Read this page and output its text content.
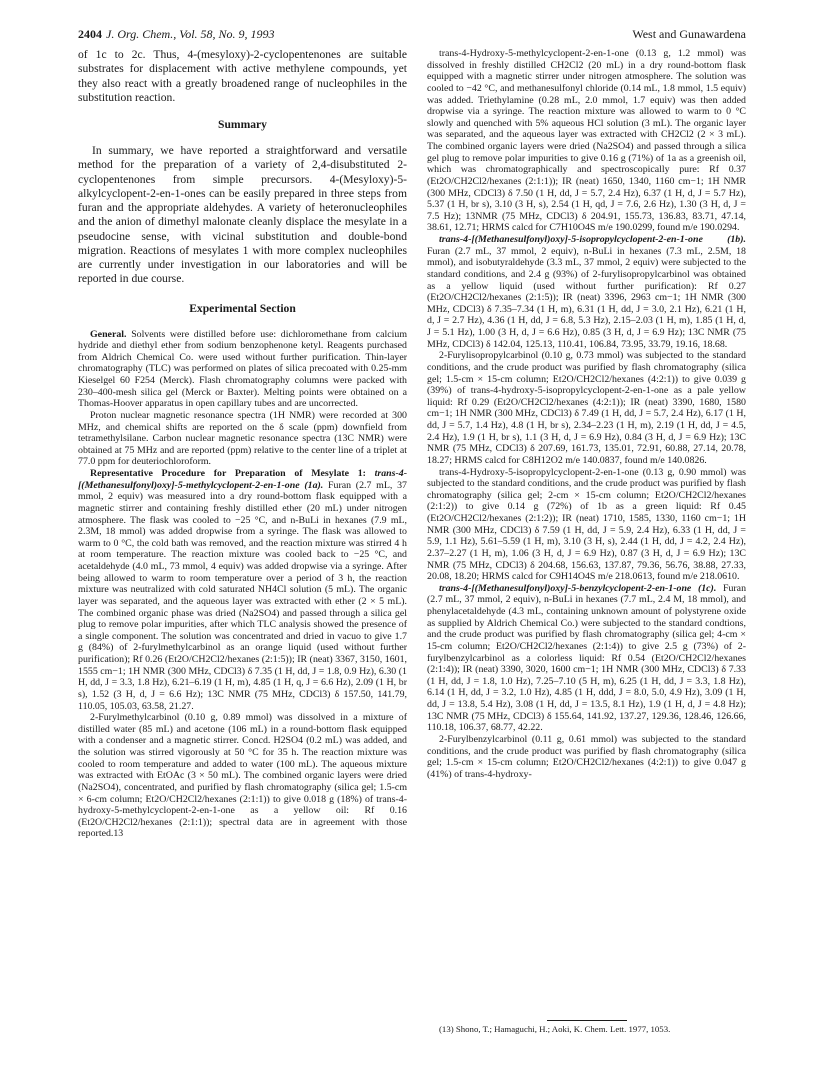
2404 J. Org. Chem., Vol. 58, No. 9, 1993	West and Gunawardena

of 1c to 2c. Thus, 4-(mesyloxy)-2-cyclopentenones are suitable substrates for displacement with active methylene compounds, yet they also react with a greatly broadened range of nucleophiles in the substitution reaction.

Summary

In summary, we have reported a straightforward and versatile method for the preparation of a variety of 2,4-disubstituted 2-cyclopentenones from simple precursors. 4-(Mesyloxy)-5-alkylcyclopent-2-en-1-ones can be easily prepared in three steps from furan and the appropriate aldehydes. A variety of heteronucleophiles and the anion of dimethyl malonate cleanly displace the mesylate in a pseudocine sense, with vicinal substitution and double-bond migration. Reactions of mesylates 1 with more complex nucleophiles are currently under investigation in our laboratories and will be reported in due course.

Experimental Section

General. Solvents were distilled before use: dichloromethane from calcium hydride and diethyl ether from sodium benzophenone ketyl. Reagents purchased from Aldrich Chemical Co. were used without further purification. Thin-layer chromatography (TLC) was performed on plates of silica precoated with 0.25-mm Kieselgel 60 F254 (Merck). Flash chromatography columns were packed with 230–400-mesh silica gel (Merck or Baxter). Melting points were obtained on a Thomas-Hoover apparatus in open capillary tubes and are uncorrected.

Proton nuclear magnetic resonance spectra (1H NMR) were recorded at 300 MHz, and chemical shifts are reported on the δ scale (ppm) downfield from tetramethylsilane. Carbon nuclear magnetic resonance spectra (13C NMR) were obtained at 75 MHz and are reported (ppm) relative to the center line of a triplet at 77.0 ppm for deuteriochloroform.

Representative Procedure for Preparation of Mesylate 1: trans-4-[(Methanesulfonyl)oxy]-5-methylcyclopent-2-en-1-one (1a). Furan (2.7 mL, 37 mmol, 2 equiv) was measured into a dry round-bottom flask equipped with a magnetic stirrer and containing freshly distilled ether (20 mL) under nitrogen atmosphere. The flask was cooled to −25 °C, and n-BuLi in hexanes (7.9 mL, 2.3M, 18 mmol) was added dropwise from a syringe. The flask was allowed to warm to 0 °C, the cold bath was removed, and the reaction mixture was stirred 4 h at room temperature. The reaction mixture was cooled back to −25 °C, and acetaldehyde (4.0 mL, 73 mmol, 4 equiv) was added dropwise via a syringe. After being allowed to warm to room temperature over a period of 3 h, the reaction mixture was neutralized with cold saturated NH4Cl solution (5 mL). The organic layer was separated, and the aqueous layer was extracted with ether (2 × 5 mL). The combined organic phase was dried (Na2SO4) and passed through a silica gel plug to remove polar impurities, after which TLC analysis showed the presence of a single component. The solution was concentrated and dried in vacuo to give 1.7 g (84%) of 2-furylmethylcarbinol as an orange liquid (used without further purification); Rf 0.26 (Et2O/CH2Cl2/hexanes (2:1:5)); IR (neat) 3367, 3150, 1601, 1555 cm−1; 1H NMR (300 MHz, CDCl3) δ 7.35 (1 H, dd, J = 1.8, 0.9 Hz), 6.30 (1 H, dd, J = 3.3, 1.8 Hz), 6.21–6.19 (1 H, m), 4.85 (1 H, q, J = 6.6 Hz), 2.09 (1 H, br s), 1.52 (3 H, d, J = 6.6 Hz); 13C NMR (75 MHz, CDCl3) δ 157.50, 141.79, 110.05, 105.03, 63.58, 21.27.

2-Furylmethylcarbinol (0.10 g, 0.89 mmol) was dissolved in a mixture of distilled water (85 mL) and acetone (106 mL) in a round-bottom flask equipped with a condenser and a magnetic stirrer. Concd. H2SO4 (0.2 mL) was added, and the solution was stirred vigorously at 50 °C for 35 h. The reaction mixture was cooled to room temperature and added to water (100 mL). The aqueous mixture was extracted with EtOAc (3 × 50 mL). The combined organic layers were dried (Na2SO4), concentrated, and purified by flash chromatography (silica gel; 1.5-cm × 6-cm column; Et2O/CH2Cl2/hexanes (2:1:1)) to give 0.018 g (18%) of trans-4-hydroxy-5-methylcyclopent-2-en-1-one as a yellow oil: Rf 0.16 (Et2O/CH2Cl2/hexanes (2:1:1)); spectral data are in agreement with those reported.13

trans-4-Hydroxy-5-methylcyclopent-2-en-1-one (0.13 g, 1.2 mmol) was dissolved in freshly distilled CH2Cl2 (20 mL) in a dry round-bottom flask equipped with a magnetic stirrer under nitrogen atmosphere. The solution was cooled to −42 °C, and methanesulfonyl chloride (0.14 mL, 1.8 mmol, 1.5 equiv) was added. Triethylamine (0.28 mL, 2.0 mmol, 1.7 equiv) was then added dropwise via a syringe. The reaction mixture was allowed to warm to 0 °C slowly and quenched with 5% aqueous HCl solution (3 mL). The organic layer was separated, and the aqueous layer was extracted with CH2Cl2 (2 × 3 mL). The combined organic layers were dried (Na2SO4) and passed through a silica gel plug to remove polar impurities to give 0.16 g (71%) of 1a as a greenish oil, which was chromatographically and spectroscopically pure: Rf 0.37 (Et2O/CH2Cl2/hexanes (2:1:1)); IR (neat) 1650, 1340, 1160 cm−1; 1H NMR (300 MHz, CDCl3) δ 7.50 (1 H, dd, J = 5.7, 2.4 Hz), 6.37 (1 H, d, J = 5.7 Hz), 5.37 (1 H, br s), 3.10 (3 H, s), 2.54 (1 H, qd, J = 7.6, 2.6 Hz), 1.30 (3 H, d, J = 7.5 Hz); 13NMR (75 MHz, CDCl3) δ 204.91, 155.73, 136.83, 83.71, 47.14, 38.61, 12.71; HRMS calcd for C7H10O4S m/e 190.0299, found m/e 190.0294.

trans-4-[(Methanesulfonyl)oxy]-5-isopropylcyclopent-2-en-1-one (1b). Furan (2.7 mL, 37 mmol, 2 equiv), n-BuLi in hexanes (7.3 mL, 2.5M, 18 mmol), and isobutyraldehyde (3.3 mL, 37 mmol, 2 equiv) were subjected to the standard conditions, and 2.4 g (93%) of 2-furylisopropylcarbinol was obtained as a yellow liquid (used without further purification): Rf 0.27 (Et2O/CH2Cl2/hexanes (2:1:5)); IR (neat) 3396, 2963 cm−1; 1H NMR (300 MHz, CDCl3) δ 7.35–7.34 (1 H, m), 6.31 (1 H, dd, J = 3.0, 2.1 Hz), 6.21 (1 H, d, J = 2.7 Hz), 4.36 (1 H, dd, J = 6.8, 5.3 Hz), 2.15–2.03 (1 H, m), 1.85 (1 H, d, J = 5.1 Hz), 1.00 (3 H, d, J = 6.6 Hz), 0.85 (3 H, d, J = 6.9 Hz); 13C NMR (75 MHz, CDCl3) δ 142.04, 125.13, 110.41, 106.84, 73.95, 33.79, 19.16, 18.68.

2-Furylisopropylcarbinol (0.10 g, 0.73 mmol) was subjected to the standard conditions, and the crude product was purified by flash chromatography (silica gel; 1.5-cm × 15-cm column; Et2O/CH2Cl2/hexanes (4:2:1)) to give 0.039 g (39%) of trans-4-hydroxy-5-isopropylcyclopent-2-en-1-one as a pale yellow liquid: Rf 0.29 (Et2O/CH2Cl2/hexanes (4:2:1)); IR (neat) 3390, 1680, 1580 cm−1; 1H NMR (300 MHz, CDCl3) δ 7.49 (1 H, dd, J = 5.7, 2.4 Hz), 6.17 (1 H, dd, J = 5.7, 1.4 Hz), 4.8 (1 H, br s), 2.34–2.23 (1 H, m), 2.19 (1 H, dd, J = 4.5, 2.4 Hz), 1.9 (1 H, br s), 1.1 (3 H, d, J = 6.9 Hz), 0.84 (3 H, d, J = 6.9 Hz); 13C NMR (75 MHz, CDCl3) δ 207.69, 161.73, 135.01, 72.91, 60.88, 27.14, 20.78, 18.27; HRMS calcd for C8H12O2 m/e 140.0837, found m/e 140.0826.

trans-4-Hydroxy-5-isopropylcyclopent-2-en-1-one (0.13 g, 0.90 mmol) was subjected to the standard conditions, and the crude product was purified by flash chromatography (silica gel; 2-cm × 15-cm column; Et2O/CH2Cl2/hexanes (2:1:2)) to give 0.14 g (72%) of 1b as a green liquid: Rf 0.45 (Et2O/CH2Cl2/hexanes (2:1:2)); IR (neat) 1710, 1585, 1330, 1160 cm−1; 1H NMR (300 MHz, CDCl3) δ 7.59 (1 H, dd, J = 5.9, 2.4 Hz), 6.33 (1 H, dd, J = 5.9, 1.1 Hz), 5.61–5.59 (1 H, m), 3.10 (3 H, s), 2.44 (1 H, dd, J = 4.2, 2.4 Hz), 2.37–2.27 (1 H, m), 1.06 (3 H, d, J = 6.9 Hz), 0.87 (3 H, d, J = 6.9 Hz); 13C NMR (75 MHz, CDCl3) δ 204.68, 156.63, 137.87, 79.36, 56.76, 38.88, 27.33, 20.08, 18.20; HRMS calcd for C9H14O4S m/e 218.0613, found m/e 218.0610.

trans-4-[(Methanesulfonyl)oxy]-5-benzylcyclopent-2-en-1-one (1c). Furan (2.7 mL, 37 mmol, 2 equiv), n-BuLi in hexanes (7.7 mL, 2.4 M, 18 mmol), and phenylacetaldehyde (4.3 mL, containing unknown amount of polystyrene oxide as supplied by Aldrich Chemical Co.) were subjected to the standard condtions, and the crude product was purified by flash chromatography (silica gel; 4-cm × 15-cm column; Et2O/CH2Cl2/hexanes (2:1:4)) to give 2.5 g (73%) of 2-furylbenzylcarbinol as a colorless liquid: Rf 0.54 (Et2O/CH2Cl2/hexanes (2:1:4)); IR (neat) 3390, 3020, 1600 cm−1; 1H NMR (300 MHz, CDCl3) δ 7.33 (1 H, dd, J = 1.8, 1.0 Hz), 7.25–7.10 (5 H, m), 6.25 (1 H, dd, J = 3.3, 1.8 Hz), 6.14 (1 H, dd, J = 3.2, 1.0 Hz), 4.85 (1 H, ddd, J = 8.0, 5.0, 4.9 Hz), 3.09 (1 H, dd, J = 13.8, 5.4 Hz), 3.08 (1 H, dd, J = 13.5, 8.1 Hz), 1.9 (1 H, d, J = 4.8 Hz); 13C NMR (75 MHz, CDCl3) δ 155.64, 141.92, 137.27, 129.36, 128.46, 126.66, 110.18, 106.37, 68.77, 42.22.

2-Furylbenzylcarbinol (0.11 g, 0.61 mmol) was subjected to the standard conditions, and the crude product was purified by flash chromatography (silica gel; 1.5-cm × 15-cm column; Et2O/CH2Cl2/hexanes (4:2:1)) to give 0.047 g (41%) of trans-4-hydroxy-

(13) Shono, T.; Hamaguchi, H.; Aoki, K. Chem. Lett. 1977, 1053.
